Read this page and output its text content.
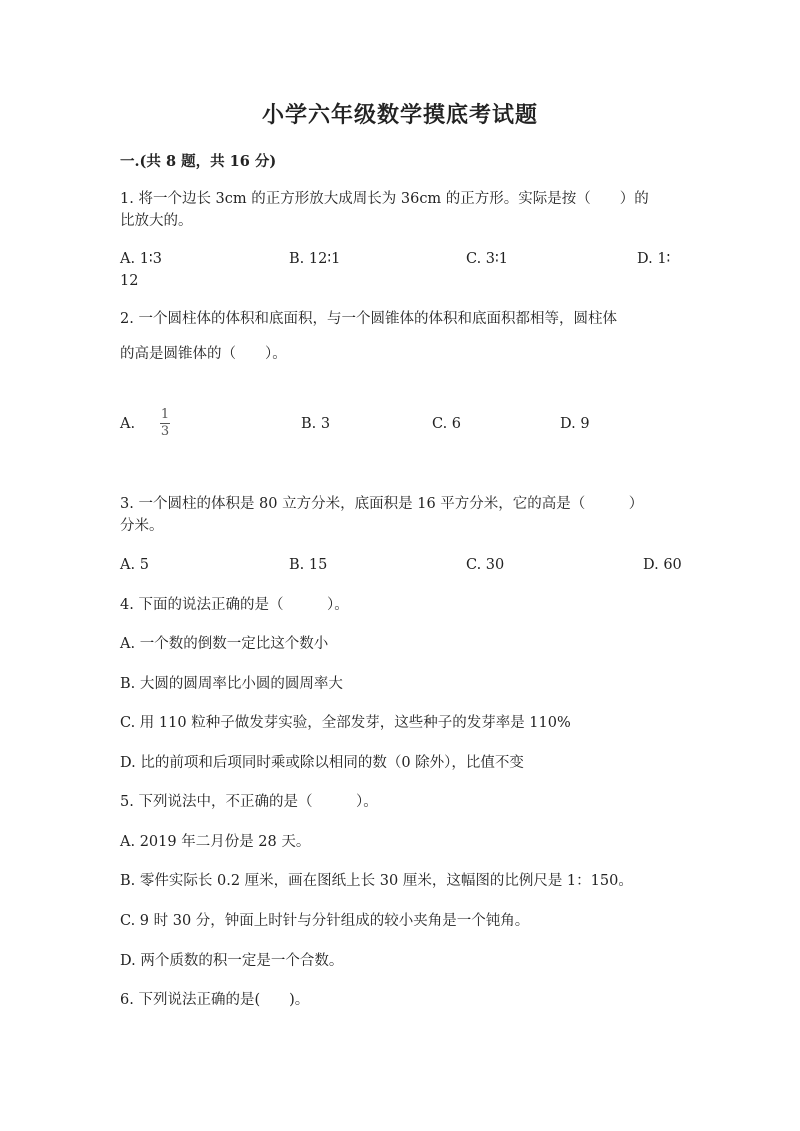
小学六年级数学摸底考试题
一.(共 8 题，共 16 分)
1. 将一个边长 3cm 的正方形放大成周长为 36cm 的正方形。实际是按（　　）的
比放大的。
A. 1∶3	B. 12∶1	C. 3∶1	D. 1∶
12
2. 一个圆柱体的体积和底面积，与一个圆锥体的体积和底面积都相等，圆柱体
的高是圆锥体的（　　）。
A. $\frac{1}{3}$	B. 3	C. 6	D. 9
3. 一个圆柱的体积是 80 立方分米，底面积是 16 平方分米，它的高是（　　　）
分米。
A. 5	B. 15	C. 30	D. 60
4. 下面的说法正确的是（　　　）。
A. 一个数的倒数一定比这个数小
B. 大圆的圆周率比小圆的圆周率大
C. 用 110 粒种子做发芽实验，全部发芽，这些种子的发芽率是 110%
D. 比的前项和后项同时乘或除以相同的数（0 除外），比值不变
5. 下列说法中，不正确的是（　　　）。
A. 2019 年二月份是 28 天。
B. 零件实际长 0.2 厘米，画在图纸上长 30 厘米，这幅图的比例尺是 1：150。
C. 9 时 30 分，钟面上时针与分针组成的较小夹角是一个钝角。
D. 两个质数的积一定是一个合数。
6. 下列说法正确的是(　　)。
